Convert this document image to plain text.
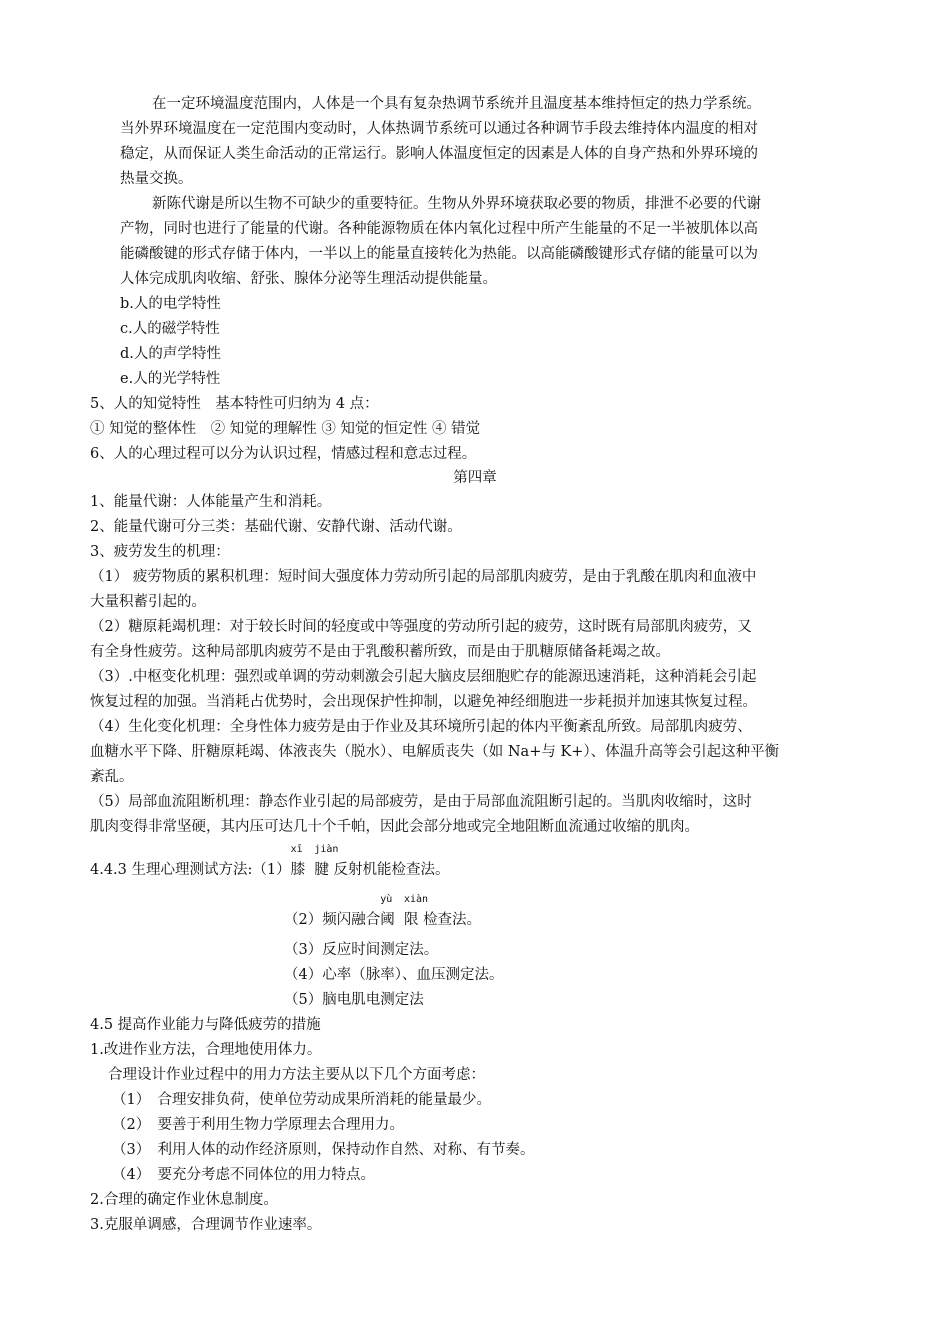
在一定环境温度范围内，人体是一个具有复杂热调节系统并且温度基本维持恒定的热力学系统。
当外界环境温度在一定范围内变动时，人体热调节系统可以通过各种调节手段去维持体内温度的相对
稳定，从而保证人类生命活动的正常运行。影响人体温度恒定的因素是人体的自身产热和外界环境的
热量交换。
新陈代谢是所以生物不可缺少的重要特征。生物从外界环境获取必要的物质，排泄不必要的代谢
产物，同时也进行了能量的代谢。各种能源物质在体内氧化过程中所产生能量的不足一半被肌体以高
能磷酸键的形式存储于体内，一半以上的能量直接转化为热能。以高能磷酸键形式存储的能量可以为
人体完成肌肉收缩、舒张、腺体分泌等生理活动提供能量。
b.人的电学特性
c.人的磁学特性
d.人的声学特性
e.人的光学特性
5、人的知觉特性　基本特性可归纳为 4 点：
① 知觉的整体性　② 知觉的理解性 ③ 知觉的恒定性 ④ 错觉
6、人的心理过程可以分为认识过程，情感过程和意志过程。
第四章
1、能量代谢：人体能量产生和消耗。
2、能量代谢可分三类：基础代谢、安静代谢、活动代谢。
3、疲劳发生的机理：
（1） 疲劳物质的累积机理：短时间大强度体力劳动所引起的局部肌肉疲劳，是由于乳酸在肌肉和血液中
大量积蓄引起的。
（2）糖原耗竭机理：对于较长时间的轻度或中等强度的劳动所引起的疲劳，这时既有局部肌肉疲劳，又
有全身性疲劳。这种局部肌肉疲劳不是由于乳酸积蓄所致，而是由于肌糖原储备耗竭之故。
（3）.中枢变化机理：强烈或单调的劳动刺激会引起大脑皮层细胞贮存的能源迅速消耗，这种消耗会引起
恢复过程的加强。当消耗占优势时，会出现保护性抑制，以避免神经细胞进一步耗损并加速其恢复过程。
（4）生化变化机理：全身性体力疲劳是由于作业及其环境所引起的体内平衡紊乱所致。局部肌肉疲劳、
血糖水平下降、肝糖原耗竭、体液丧失（脱水）、电解质丧失（如 Na+与 K+）、体温升高等会引起这种平衡
紊乱。
（5）局部血流阻断机理：静态作业引起的局部疲劳，是由于局部血流阻断引起的。当肌肉收缩时，这时
肌肉变得非常坚硬，其内压可达几十个千帕，因此会部分地或完全地阻断血流通过收缩的肌肉。
4.4.3 生理心理测试方法:（1）
xī
膝
jiàn
腱 反射机能检查法。
（2）频闪融合
yù
阈
xiàn
限 检查法。
（3）反应时间测定法。
（4）心率（脉率）、血压测定法。
（5）脑电肌电测定法
4.5 提高作业能力与降低疲劳的措施
1.改进作业方法，合理地使用体力。
合理设计作业过程中的用力方法主要从以下几个方面考虑：
（1）　合理安排负荷，使单位劳动成果所消耗的能量最少。
（2）　要善于利用生物力学原理去合理用力。
（3）　利用人体的动作经济原则，保持动作自然、对称、有节奏。
（4）　要充分考虑不同体位的用力特点。
2.合理的确定作业休息制度。
3.克服单调感，合理调节作业速率。
